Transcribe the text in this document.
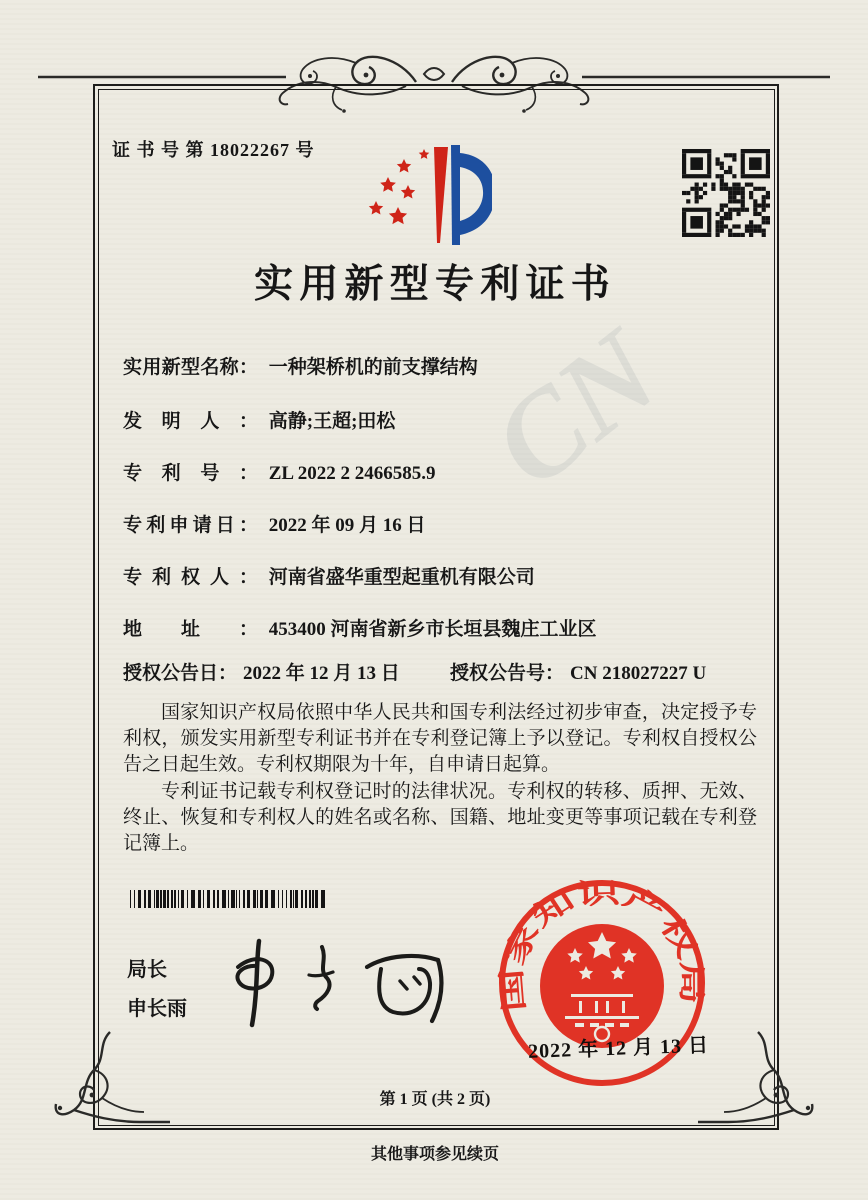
证 书 号 第 18022267 号
实用新型专利证书
CN
实用新型名称： 一种架桥机的前支撑结构
发明人： 高静;王超;田松
专利号： ZL 2022 2 2466585.9
专利申请日： 2022 年 09 月 16 日
专利权人： 河南省盛华重型起重机有限公司
地址： 453400 河南省新乡市长垣县魏庄工业区
授权公告日： 2022 年 12 月 13 日	授权公告号： CN 218027227 U
国家知识产权局依照中华人民共和国专利法经过初步审查，决定授予专利权，颁发实用新型专利证书并在专利登记簿上予以登记。专利权自授权公告之日起生效。专利权期限为十年，自申请日起算。
专利证书记载专利权登记时的法律状况。专利权的转移、质押、无效、终止、恢复和专利权人的姓名或名称、国籍、地址变更等事项记载在专利登记簿上。
局长
申长雨	国家知识产权局
2022 年 12 月 13 日
第 1 页 (共 2 页)
其他事项参见续页
